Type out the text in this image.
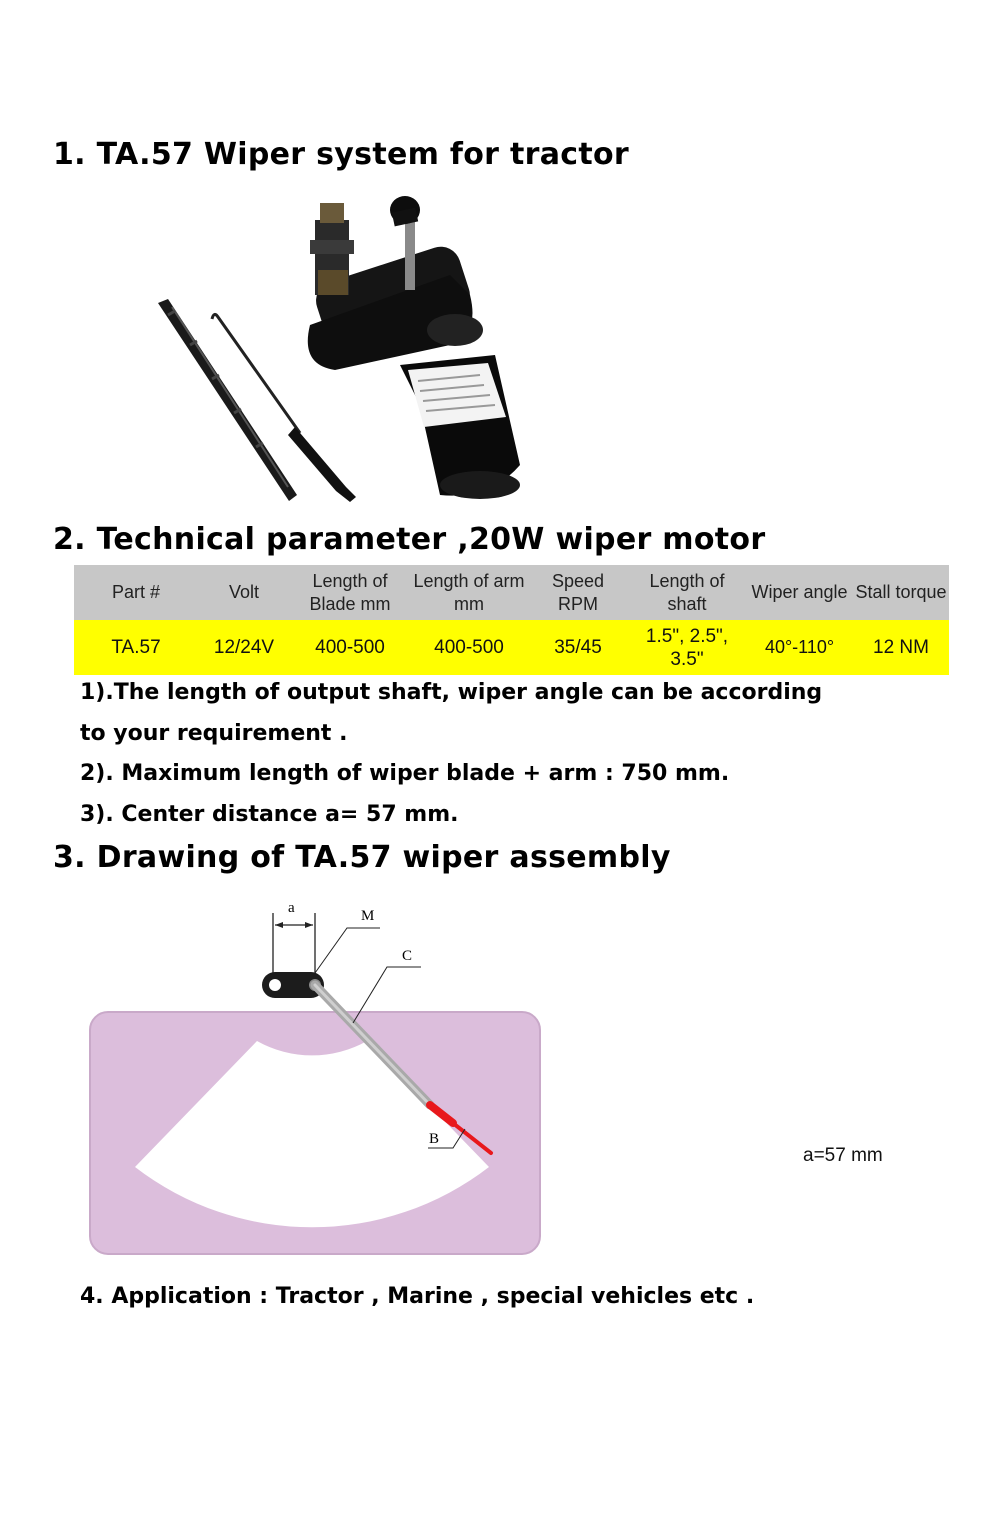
1. TA.57 Wiper system for tractor
2. Technical parameter ,20W wiper motor
Part #	Volt	Length of Blade mm	Length of arm mm	Speed RPM	Length of shaft	Wiper angle	Stall torque
TA.57	12/24V	400-500	400-500	35/45	1.5", 2.5", 3.5"	40°-110°	12 NM

1).The length of output shaft, wiper angle can be according

to your requirement .

2). Maximum length of wiper blade + arm : 750 mm.

3). Center distance a= 57 mm.

3. Drawing of TA.57 wiper assembly
a	M
C
B
a=57 mm

4. Application : Tractor , Marine , special vehicles etc .
